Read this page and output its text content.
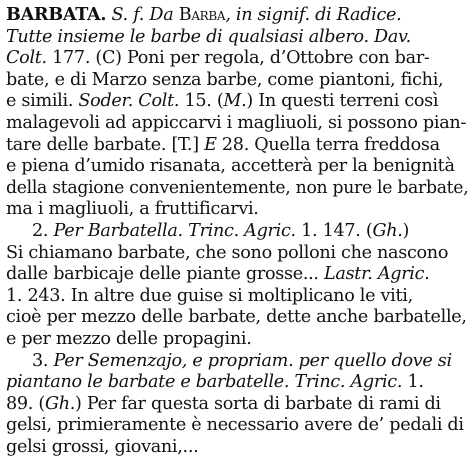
BARBATA. S. f. Da Barba, in signif. di Radice.
Tutte insieme le barbe di qualsiasi albero. Dav.
Colt. 177. (C) Poni per regola, d’Ottobre con bar-
bate, e di Marzo senza barbe, come piantoni, fichi,
e simili. Soder. Colt. 15. (M.) In questi terreni così
malagevoli ad appiccarvi i magliuoli, si possono pian-
tare delle barbate. [T.] E 28. Quella terra freddosa
e piena d’umido risanata, accetterà per la benignità
della stagione convenientemente, non pure le barbate,
ma i magliuoli, a fruttificarvi.
2. Per Barbatella. Trinc. Agric. 1. 147. (Gh.)
Si chiamano barbate, che sono polloni che nascono
dalle barbicaje delle piante grosse... Lastr. Agric.
1. 243. In altre due guise si moltiplicano le viti,
cioè per mezzo delle barbate, dette anche barbatelle,
e per mezzo delle propagini.
3. Per Semenzajo, e propriam. per quello dove si
piantano le barbate e barbatelle. Trinc. Agric. 1.
89. (Gh.) Per far questa sorta di barbate di rami di
gelsi, primieramente è necessario avere de’ pedali di
gelsi grossi, giovani,...
